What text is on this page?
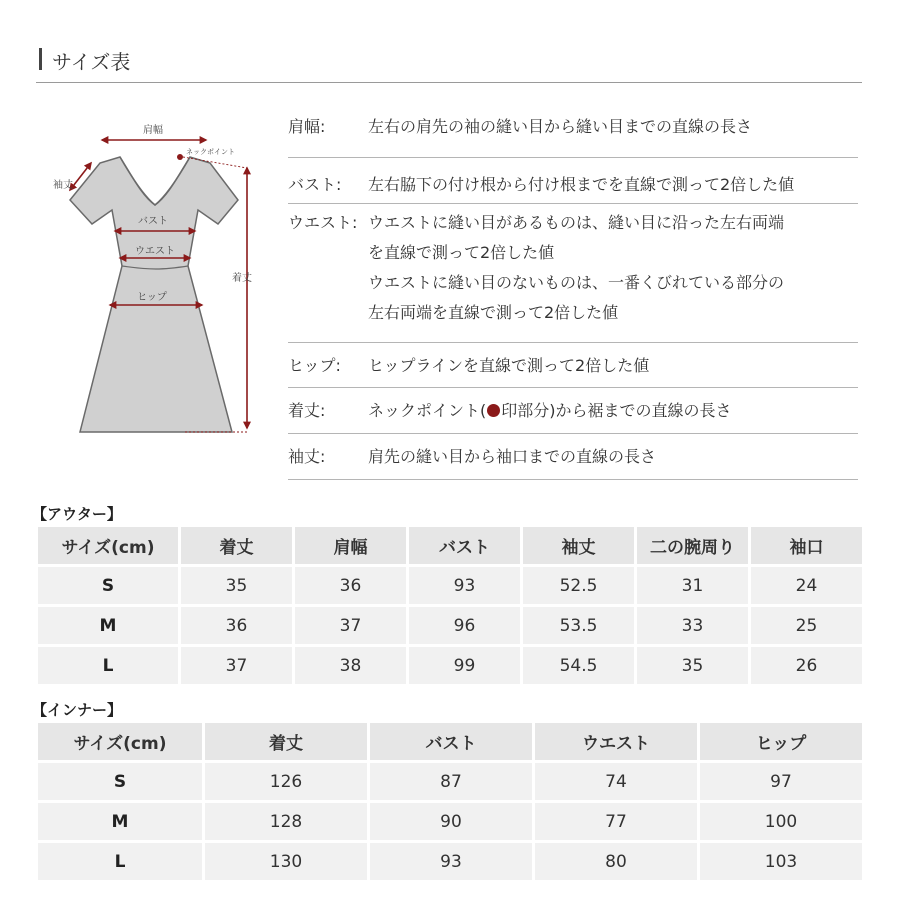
サイズ表
肩幅
ネックポイント
袖丈
バスト
ウエスト
ヒップ
着丈
肩幅:	左右の肩先の袖の縫い目から縫い目までの直線の長さ
バスト:	左右脇下の付け根から付け根までを直線で測って2倍した値
ウエスト: ウエストに縫い目があるものは、縫い目に沿った左右両端
を直線で測って2倍した値
ウエストに縫い目のないものは、一番くびれている部分の
左右両端を直線で測って2倍した値
ヒップ:	ヒップラインを直線で測って2倍した値
着丈:	ネックポイント( 印部分)から裾までの直線の長さ
袖丈:	肩先の縫い目から袖口までの直線の長さ
【アウター】
サイズ(cm)	着丈	肩幅	バスト	袖丈	二の腕周り	袖口
S	35	36	93	52.5	31	24
M	36	37	96	53.5	33	25
L	37	38	99	54.5	35	26
【インナー】
サイズ(cm)	着丈	バスト	ウエスト	ヒップ
S	126	87	74	97
M	128	90	77	100
L	130	93	80	103
